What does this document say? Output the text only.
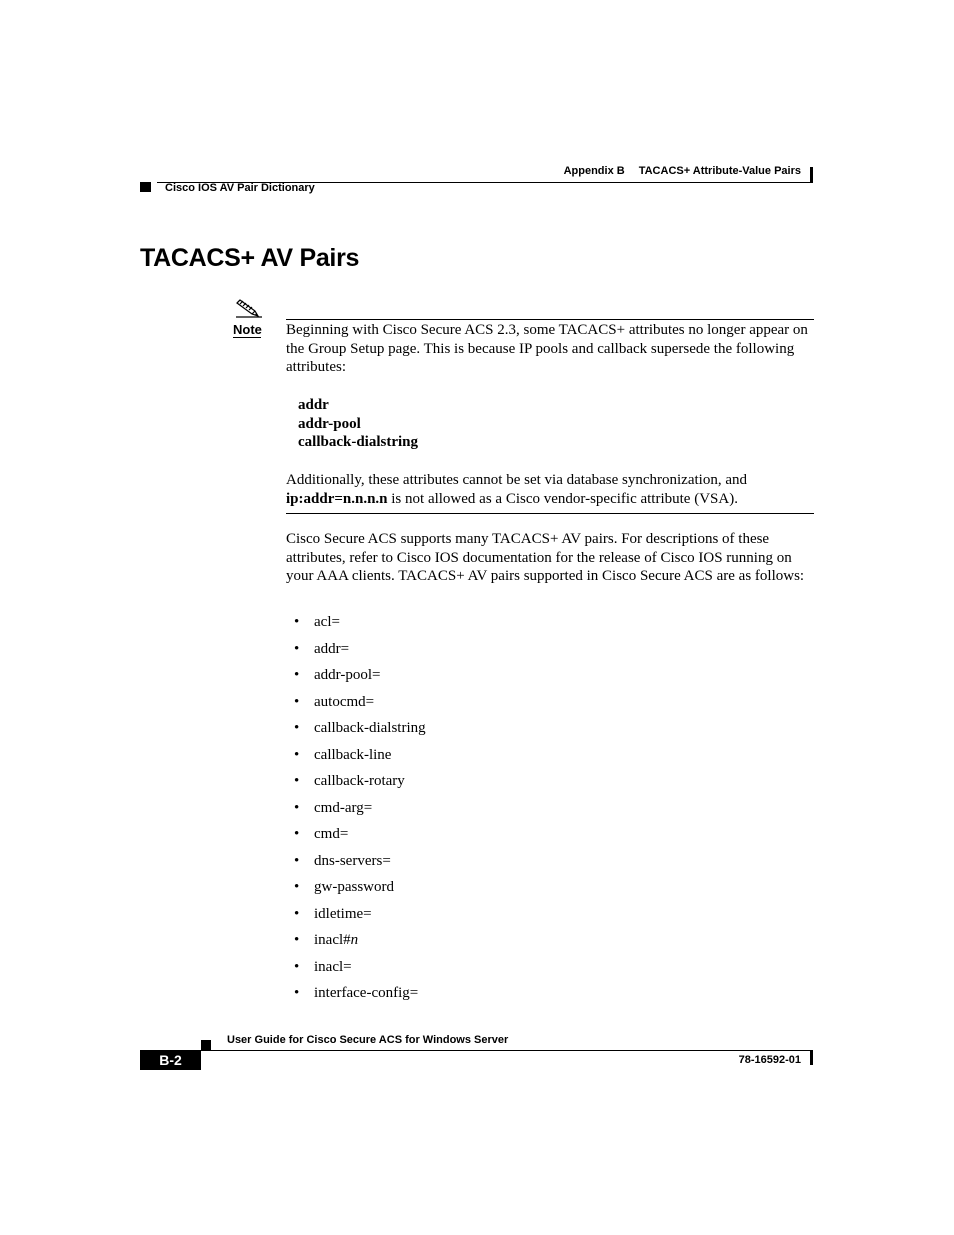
Appendix B TACACS+ Attribute-Value Pairs
Cisco IOS AV Pair Dictionary
TACACS+ AV Pairs
Note Beginning with Cisco Secure ACS 2.3, some TACACS+ attributes no longer appear on the Group Setup page. This is because IP pools and callback supersede the following attributes:
addr
addr-pool
callback-dialstring
Additionally, these attributes cannot be set via database synchronization, and
ip:addr=n.n.n.n is not allowed as a Cisco vendor-specific attribute (VSA).
Cisco Secure ACS supports many TACACS+ AV pairs. For descriptions of these attributes, refer to Cisco IOS documentation for the release of Cisco IOS running on your AAA clients. TACACS+ AV pairs supported in Cisco Secure ACS are as follows:
• acl=
• addr=
• addr-pool=
• autocmd=
• callback-dialstring
• callback-line
• callback-rotary
• cmd-arg=
• cmd=
• dns-servers=
• gw-password
• idletime=
• inacl#n
• inacl=
• interface-config=
User Guide for Cisco Secure ACS for Windows Server
B-2	78-16592-01
